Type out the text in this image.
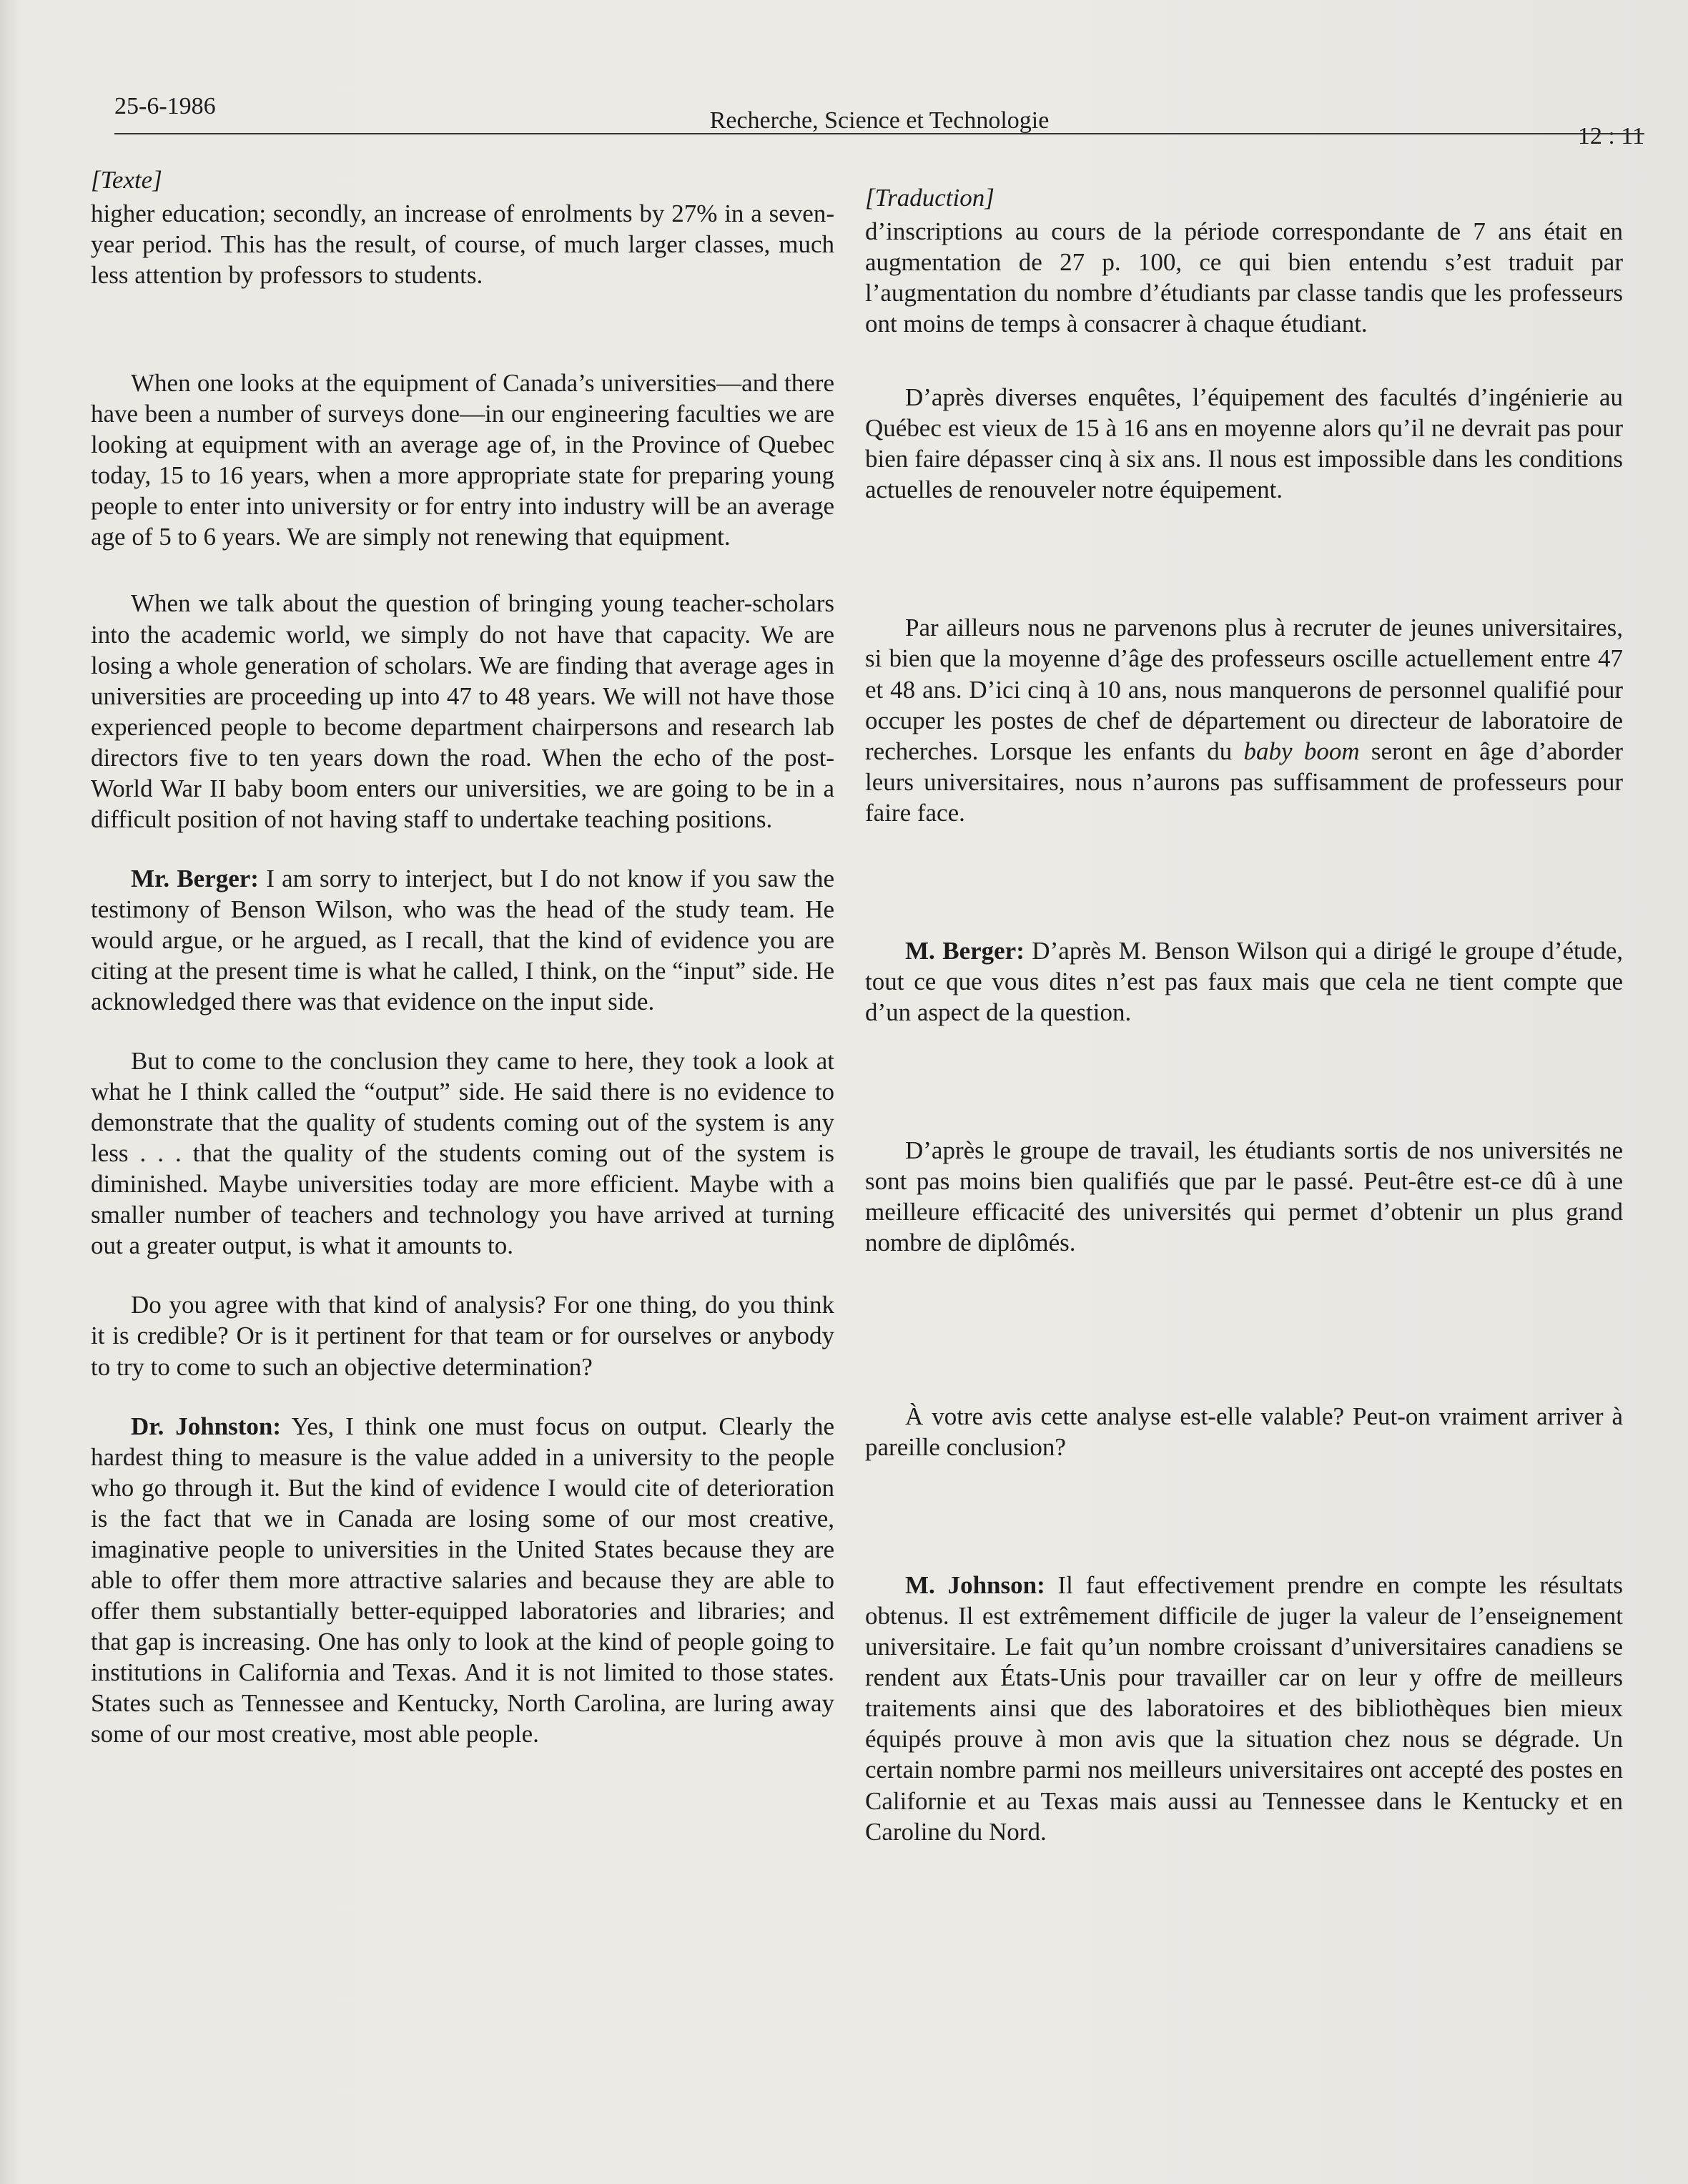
25-6-1986
Recherche, Science et Technologie
12 : 11
[Texte]

higher education; secondly, an increase of enrolments by 27% in a seven-year period. This has the result, of course, of much larger classes, much less attention by professors to students.

When one looks at the equipment of Canada’s universities—and there have been a number of surveys done—in our engineering faculties we are looking at equipment with an average age of, in the Province of Quebec today, 15 to 16 years, when a more appropriate state for preparing young people to enter into university or for entry into industry will be an average age of 5 to 6 years. We are simply not renewing that equipment.

When we talk about the question of bringing young teacher-scholars into the academic world, we simply do not have that capacity. We are losing a whole generation of scholars. We are finding that average ages in universities are proceeding up into 47 to 48 years. We will not have those experienced people to become department chairpersons and research lab directors five to ten years down the road. When the echo of the post-World War II baby boom enters our universities, we are going to be in a difficult position of not having staff to undertake teaching positions.

Mr. Berger: I am sorry to interject, but I do not know if you saw the testimony of Benson Wilson, who was the head of the study team. He would argue, or he argued, as I recall, that the kind of evidence you are citing at the present time is what he called, I think, on the “input” side. He acknowledged there was that evidence on the input side.

But to come to the conclusion they came to here, they took a look at what he I think called the “output” side. He said there is no evidence to demonstrate that the quality of students coming out of the system is any less . . . that the quality of the students coming out of the system is diminished. Maybe universities today are more efficient. Maybe with a smaller number of teachers and technology you have arrived at turning out a greater output, is what it amounts to.

Do you agree with that kind of analysis? For one thing, do you think it is credible? Or is it pertinent for that team or for ourselves or anybody to try to come to such an objective determination?

Dr. Johnston: Yes, I think one must focus on output. Clearly the hardest thing to measure is the value added in a university to the people who go through it. But the kind of evidence I would cite of deterioration is the fact that we in Canada are losing some of our most creative, imaginative people to universities in the United States because they are able to offer them more attractive salaries and because they are able to offer them substantially better-equipped laboratories and libraries; and that gap is increasing. One has only to look at the kind of people going to institutions in California and Texas. And it is not limited to those states. States such as Tennessee and Kentucky, North Carolina, are luring away some of our most creative, most able people.

[Traduction]

d’inscriptions au cours de la période correspondante de 7 ans était en augmentation de 27 p. 100, ce qui bien entendu s’est traduit par l’augmentation du nombre d’étudiants par classe tandis que les professeurs ont moins de temps à consacrer à chaque étudiant.

D’après diverses enquêtes, l’équipement des facultés d’ingénierie au Québec est vieux de 15 à 16 ans en moyenne alors qu’il ne devrait pas pour bien faire dépasser cinq à six ans. Il nous est impossible dans les conditions actuelles de renouveler notre équipement.

Par ailleurs nous ne parvenons plus à recruter de jeunes universitaires, si bien que la moyenne d’âge des professeurs oscille actuellement entre 47 et 48 ans. D’ici cinq à 10 ans, nous manquerons de personnel qualifié pour occuper les postes de chef de département ou directeur de laboratoire de recherches. Lorsque les enfants du baby boom seront en âge d’aborder leurs universitaires, nous n’aurons pas suffisamment de professeurs pour faire face.

M. Berger: D’après M. Benson Wilson qui a dirigé le groupe d’étude, tout ce que vous dites n’est pas faux mais que cela ne tient compte que d’un aspect de la question.

D’après le groupe de travail, les étudiants sortis de nos universités ne sont pas moins bien qualifiés que par le passé. Peut-être est-ce dû à une meilleure efficacité des universités qui permet d’obtenir un plus grand nombre de diplômés.

À votre avis cette analyse est-elle valable? Peut-on vraiment arriver à pareille conclusion?

M. Johnson: Il faut effectivement prendre en compte les résultats obtenus. Il est extrêmement difficile de juger la valeur de l’enseignement universitaire. Le fait qu’un nombre croissant d’universitaires canadiens se rendent aux États-Unis pour travailler car on leur y offre de meilleurs traitements ainsi que des laboratoires et des bibliothèques bien mieux équipés prouve à mon avis que la situation chez nous se dégrade. Un certain nombre parmi nos meilleurs universitaires ont accepté des postes en Californie et au Texas mais aussi au Tennessee dans le Kentucky et en Caroline du Nord.
